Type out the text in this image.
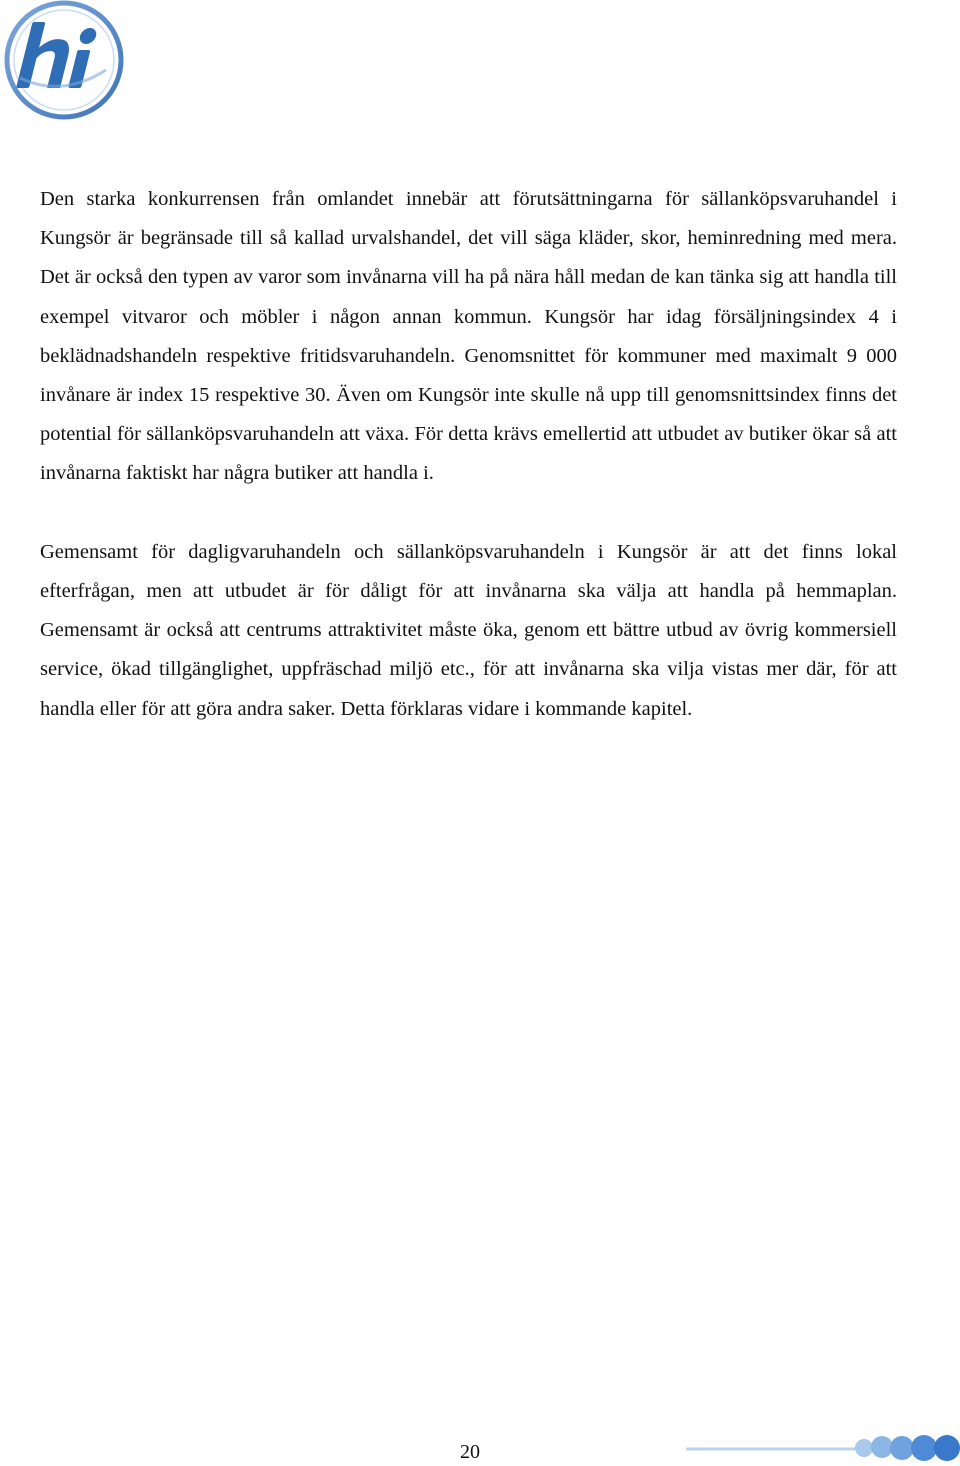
Den starka konkurrensen från omlandet innebär att förutsättningarna för sällanköpsvaruhandel i Kungsör är begränsade till så kallad urvalshandel, det vill säga kläder, skor, heminredning med mera. Det är också den typen av varor som invånarna vill ha på nära håll medan de kan tänka sig att handla till exempel vitvaror och möbler i någon annan kommun. Kungsör har idag försäljningsindex 4 i beklädnadshandeln respektive fritidsvaruhandeln. Genomsnittet för kommuner med maximalt 9 000 invånare är index 15 respektive 30. Även om Kungsör inte skulle nå upp till genomsnittsindex finns det potential för sällanköpsvaruhandeln att växa. För detta krävs emellertid att utbudet av butiker ökar så att invånarna faktiskt har några butiker att handla i.

Gemensamt för dagligvaruhandeln och sällanköpsvaruhandeln i Kungsör är att det finns lokal efterfrågan, men att utbudet är för dåligt för att invånarna ska välja att handla på hemmaplan. Gemensamt är också att centrums attraktivitet måste öka, genom ett bättre utbud av övrig kommersiell service, ökad tillgänglighet, uppfräschad miljö etc., för att invånarna ska vilja vistas mer där, för att handla eller för att göra andra saker. Detta förklaras vidare i kommande kapitel.

20
